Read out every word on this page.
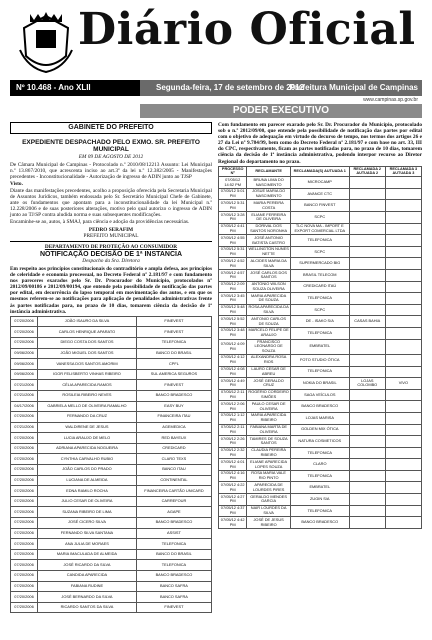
Diário Oficial
Nº 10.468 - Ano XLII	Segunda-feira, 17 de setembro de 2012
Prefeitura Municipal de Campinas
www.campinas.sp.gov.br
PODER EXECUTIVO
GABINETE DO PREFEITO
EXPEDIENTE DESPACHADO PELO EXMO. SR. PREFEITO MUNICIPAL
EM 09 DE AGOSTO DE 2012

De Câmara Municipal de Campinas - Protocolado n.º 2010/08/12213 Assunto: Lei Municipal n.º 13.867/2010, que acrescenta inciso ao art.3º da lei n.º 12.382/2005 - Manifestações precedentes - Inconstitucionalidade - Autorização de ingresso de ADIN junto ao TJSP

Visto.

Diante das manifestações precedentes, acolho a proposição oferecida pela Secretaria Municipal de Assuntos Jurídicos, também endossada pelo Sr. Secretário Municipal Chefe de Gabinete, ante os fundamentos que apontam para a inconstitucionalidade da lei Municipal n.º 12.228/2006 e de suas posteriores alterações, motivo pelo qual autorizo o ingresso de ADIN junto ao TJ/SP contra aludida norma e suas subsequentes modificações.

Encaminhe-se ao, autos, à SMAJ, para ciência e adoção da providências necessárias.

PEDRO SERAFIM
PREFEITO MUNICIPAL
DEPARTAMENTO DE PROTEÇÃO AO CONSUMIDOR
NOTIFICAÇÃO DECISÃO DE 1ª INSTANCIA
Despacho da Sra. Diretora

Em respeito aos princípios constitucionais do contraditório e ampla defesa, aos princípios de celeridade e economia processual, no Decreto Federal nº 2.181/97 e com fundamento nos pareceres exarados pelo Sr. Dr. Procurador do Município, protocolados nº 2012/09/00186 e 2012/09/00194, que entende pela possibilidade de notificação das partes por edital, em decorrência do lapso temporal em movimentação dos autos, e em que os mesmos referem-se ao notificações para aplicação de penalidades administrativas frente às partes notificadas para, no prazo de 10 dias, tomarem ciência da decisão de 1ª instância administrativa.

07/20/2006	JOÃO ISAURO DA SILVA	FINEVEST
07/20/2006	CARLOS HENRIQUE APARATO	FINEVEST
07/20/2006	DIEGO COSTA DOS SANTOS	TELEFONICA
09/06/2006	JOÃO MIGUEL DOS SANTOS	BANCO DO BRASIL
09/06/2006	VANESSA DOS SANTOS AMORIM	CPFL
09/06/2006	IGOR FELISBERTO VINHAS RIBEIRO	SUL AMERICA SEGUROS
07/21/2006	CÉLIA APARECIDA RAMOS	FINEVEST
07/21/2006	ROSILEIA RIBEIRO NEVES	BANCO BRADESCO
04/17/2006	GABRIELA MELLO DE OLIVEIRA RAMALHO	EASY BUY
07/20/2006	FERNANDO DA CRUZ	FINANCEIRA ITAU
07/21/2006	WALDIRENE DE JESUS	AGEMEDICA
07/20/2006	LUCIA ARAUJO DE MELO	RED BAYEUX
07/20/2006	ADRIANA APARECIDA NOGUEIRA	CREDICARD
07/20/2006	CYNTHIA CARVALHO RUBIO	CLARO TEXS
07/20/2006	JOÃO CARLOS DO PRADO	BANCO ITAU
07/20/2006	LUCIANA DE ALMEIDA	CONTINENTAL
07/20/2006	EDNA RAMILO ROCHA	FINANCEIRA CARTÃO UNICARD
07/20/2006	JULIO CESAR DE OLIVEIRA	CARREFOUR
07/20/2006	SUZANA RIBEIRO DE LIMA	AGAPE
07/20/2006	JOSÉ CICERO SILVA	BANCO BRADESCO
07/20/2006	FERNANDO SILVA SANTANA	ASSIST
07/20/2006	ANA JULIA DE MORAES	TELEFONICA
07/20/2006	MARIA IMACULADA DE ALMEIDA	BANCO DO BRASIL
07/20/2006	JOSÉ RICARDO DA SILVA	TELEFONICA
07/20/2006	CANDIDA APARECIDA	BANCO BRADESCO
07/20/2006	FABIANA RUDINE	BANCO SAFRA
07/20/2006	JOSÉ BERNARDO DA SILVA	BANCO SAFRA
07/20/2006	RICARDO SANTOS DA SILVA	FINEVEST

Com fundamento em parecer exarado pelo Sr. Dr. Procurador do Município, protocolado sob o n.º 2012/09/00, que entende pela possibilidade de notificação das partes por edital com o objetivo de adequação em virtude do decurso de tempo, nos termos dos artigos 26 e 27 da Lei nº 9.784/99, bem como do Decreto Federal nº 2.181/97 e com base no art. 33, III do CPC, respectivamente, ficam as partes notificadas para, no prazo de 10 dias, tomarem ciência da decisão de 1ª instância administrativa, podendo interpor recurso ao Diretor Regional do departamento no prazo.

PROCESSO Nº	RECLAMANTE	RECLAMADA(S) AUTUADA 1	RECLAMADA 2 AUTUADA 2	RECLAMADA 3 AUTUADA 3
07/05/12 14:52 PM	BRUNA LIMA DO NASCIMENTO	MICROCAMP		
07/05/12 5:01 PM	JOSUE MARIA DO NASCIMENTO	AVANCE CTC		
07/05/12 5:31 PM	MARIA PEREIRA COSTA	BANCO FINVEST		
07/05/12 3:28 PM	ELIANE FERREIRA DE OLIVEIRA	SCPC		
07/05/12 4:41 PM	DORIVAL DOS SANTOS NORONHA	TLC NOVA MA - IMPORT E EXPORT COMERCIAL LTDA		
07/05/12 4:55 PM	JOSÉ ANTONIO BATISTA CASTRO	TELEFONICA		
07/05/12 5:31 PM	WELLINGTON NUNES NETTE	SCPC		
07/05/12 4:52 PM	ALCIDES MARIA DA SILVA	SUPERMERCADO BIG		
07/05/12 4:57 PM	JOSÉ CARLOS DOS SANTOS	BRASIL TELECOM		
07/05/12 2:09 PM	ANTONIO WILSON SOUZA OLIVEIRA	CREDICARD ITAÚ		
07/05/12 3:45 PM	MARIA APARECIDA DE SOUZA	TELEFONICA		
07/05/12 5:48 PM	ROSA APARECIDA DA SILVA	SCPC		
07/05/12 5:52 PM	ANTONIO CARLOS DE SOUZA	DE - ISAKO S/A	CASAS BAHIA	
07/05/12 3:48 PM	MARCELO FELIPE DE ARAUJO	TELEFONICA		
07/05/12 4:09 PM	FRANCISCO LEONARDO DE SOUZA	EMBRATEL		
07/05/12 4:12 PM	ALEXANDRA ROSA RIOS	FOTO STUDIO ÓTICA		
07/05/12 4:08 PM	LAURO CESAR DE ABREU	TELEFONICA		
07/05/12 4:49 PM	JOSÉ GERALDO CRUZ	NOKIA DO BRASIL	LOJAS COLOMBO	VIVO
07/05/12 2:11 PM	ROGÉRIO CORDEIRO SIMÕES	SAGA VEÍCULOS		
07/05/12 2:06 PM	PAULO CESAR DE OLIVEIRA	BANCO BRADESCO		
07/05/12 1:12 PM	MARIA APARECIDA RIBEIRO	LOJAS MARISA		
07/05/12 2:11 PM	FABIANA MARTA DE OLIVEIRA	GOLDEN MIX ÓTICA		
07/05/12 2:26 PM	TAMIRES DE SOUZA SANTOS	NATURA COSMETICOS		
07/05/12 2:32 PM	CLAUDIA PEREIRA RIBEIRO	TELEFONICA		
07/05/12 4:01 PM	ELIANE APARECIDA LOPES SOUZA	CLARO		
07/05/12 4:16 PM	ROSA MARIA VALE RIO PINTO	TELEFONICA		
07/05/12 4:22 PM	APARECIDA DE LOURDES PIRES	EMBRATEL		
07/05/12 4:27 PM	GERALDO MENDES GARCIA	ZUGIN S/A		
07/05/12 4:37 PM	NAIR LOURDES DA SILVA	TELEFONICA		
07/05/12 4:42 PM	JOSÉ DE JESUS RIBEIRO	BANCO BRADESCO		
